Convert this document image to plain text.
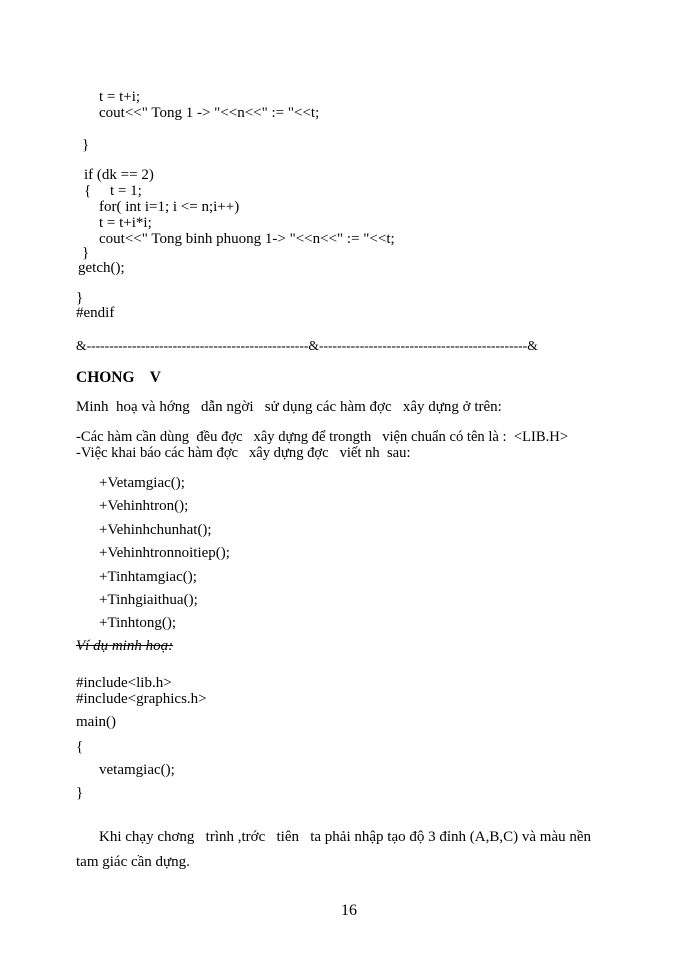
t = t+i;
cout<<" Tong 1 -> "<<n<<" := "<<t;
}
if (dk == 2)
{     t = 1;
for( int i=1; i <= n;i++)
t = t+i*i;
cout<<" Tong binh phuong 1-> "<<n<<" := "<<t;
}
getch();
}
#endif
&-------------------------------------------------&----------------------------------------------&
CHONG    V
Minh  hoạ và hớng   dẫn ngời   sử dụng các hàm đợc   xây dựng ở trên:
-Các hàm cần dùng  đều đợc   xây dựng để trongth   viện chuẩn có tên là :  <LIB.H>
-Việc khai báo các hàm đợc   xây dựng đợc   viết nh  sau:
+Vetamgiac();
+Vehinhtron();
+Vehinhchunhat();
+Vehinhtronnoitiep();
+Tinhtamgiac();
+Tinhgiaithua();
+Tinhtong();
Ví dụ minh hoạ:
#include<lib.h>
#include<graphics.h>
main()
{
vetamgiac();
}
Khi chạy chơng   trình ,trớc   tiên   ta phải nhập tạo độ 3 đỉnh (A,B,C) và màu nền
tam giác cần dựng.
16
